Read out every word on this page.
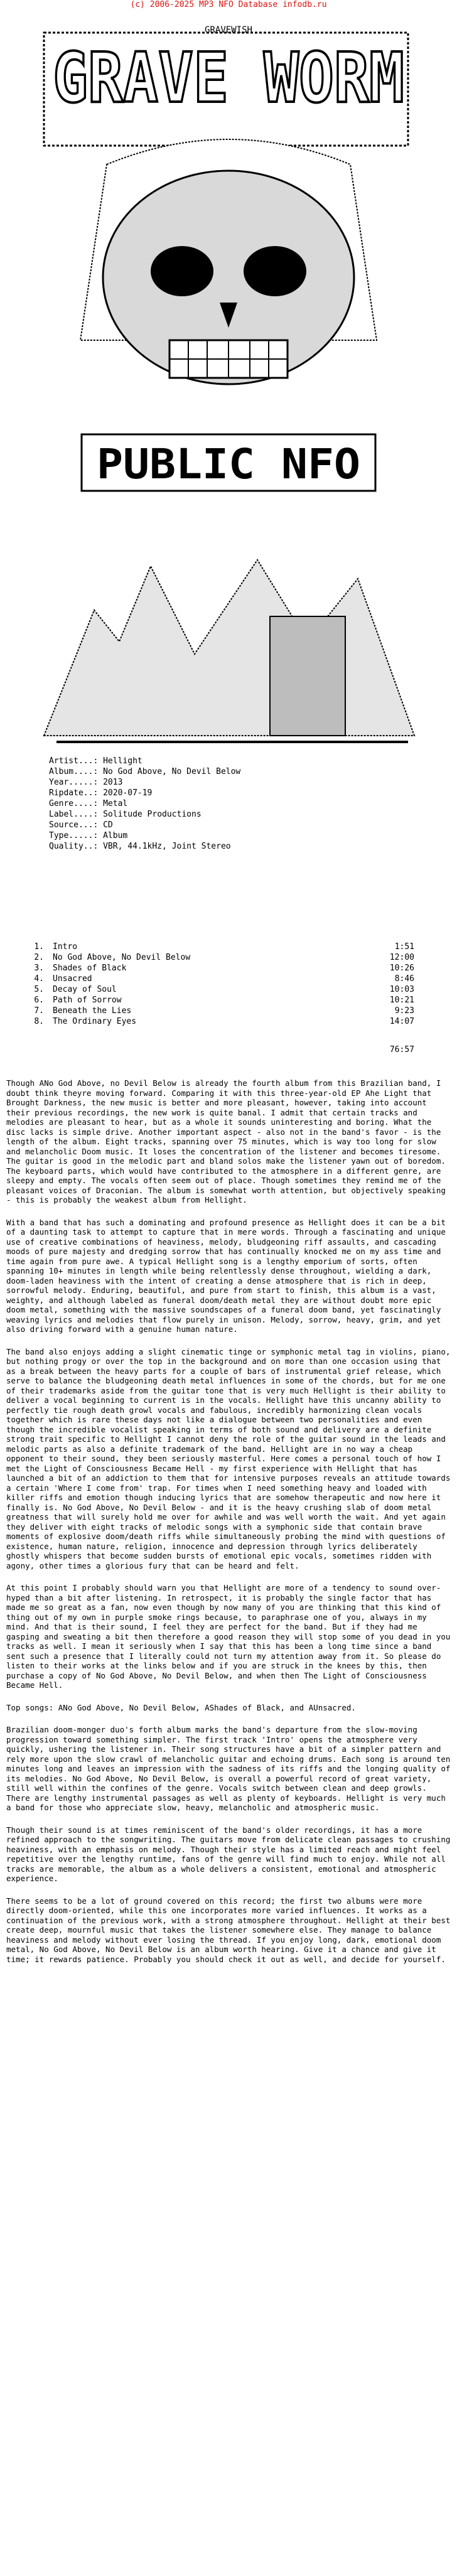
(c) 2006-2025 MP3 NFO Database infodb.ru
GRAVE WORM
GRAVEWISH
PUBLIC NFO
Artist...: Hellight
Album....: No God Above, No Devil Below
Year.....: 2013
Ripdate..: 2020-07-19
Genre....: Metal
Label....: Solitude Productions
Source...: CD
Type.....: Album
Quality..: VBR, 44.1kHz, Joint Stereo
1.	Intro	1:51
2.	No God Above, No Devil Below	12:00
3.	Shades of Black	10:26
4.	Unsacred	8:46
5.	Decay of Soul	10:03
6.	Path of Sorrow	10:21
7.	Beneath the Lies	9:23
8.	The Ordinary Eyes	14:07
76:57

Though ANo God Above, no Devil Below is already the fourth album from this Brazilian band, I doubt think theyre moving forward. Comparing it with this three-year-old EP Ahe Light that Brought Darkness, the new music is better and more pleasant, however, taking into account their previous recordings, the new work is quite banal. I admit that certain tracks and melodies are pleasant to hear, but as a whole it sounds uninteresting and boring. What the disc lacks is simple drive. Another important aspect - also not in the band's favor - is the length of the album. Eight tracks, spanning over 75 minutes, which is way too long for slow and melancholic Doom music. It loses the concentration of the listener and becomes tiresome. The guitar is good in the melodic part and bland solos make the listener yawn out of boredom. The keyboard parts, which would have contributed to the atmosphere in a different genre, are sleepy and empty. The vocals often seem out of place. Though sometimes they remind me of the pleasant voices of Draconian. The album is somewhat worth attention, but objectively speaking - this is probably the weakest album from Hellight.

With a band that has such a dominating and profound presence as Hellight does it can be a bit of a daunting task to attempt to capture that in mere words. Through a fascinating and unique use of creative combinations of heaviness, melody, bludgeoning riff assaults, and cascading moods of pure majesty and dredging sorrow that has continually knocked me on my ass time and time again from pure awe. A typical Hellight song is a lengthy emporium of sorts, often spanning 10+ minutes in length while being relentlessly dense throughout, wielding a dark, doom-laden heaviness with the intent of creating a dense atmosphere that is rich in deep, sorrowful melody. Enduring, beautiful, and pure from start to finish, this album is a vast, weighty, and although labeled as funeral doom/death metal they are without doubt more epic doom metal, something with the massive soundscapes of a funeral doom band, yet fascinatingly weaving lyrics and melodies that flow purely in unison. Melody, sorrow, heavy, grim, and yet also driving forward with a genuine human nature.

The band also enjoys adding a slight cinematic tinge or symphonic metal tag in violins, piano, but nothing progy or over the top in the background and on more than one occasion using that as a break between the heavy parts for a couple of bars of instrumental grief release, which serve to balance the bludgeoning death metal influences in some of the chords, but for me one of their trademarks aside from the guitar tone that is very much Hellight is their ability to deliver a vocal beginning to current is in the vocals. Hellight have this uncanny ability to perfectly tie rough death growl vocals and fabulous, incredibly harmonizing clean vocals together which is rare these days not like a dialogue between two personalities and even though the incredible vocalist speaking in terms of both sound and delivery are a definite strong trait specific to Hellight I cannot deny the role of the guitar sound in the leads and melodic parts as also a definite trademark of the band. Hellight are in no way a cheap opponent to their sound, they been seriously masterful. Here comes a personal touch of how I met the Light of Consciousness Became Hell - my first experience with Hellight that has launched a bit of an addiction to them that for intensive purposes reveals an attitude towards a certain 'Where I come from' trap. For times when I need something heavy and loaded with killer riffs and emotion though inducing lyrics that are somehow therapeutic and now here it finally is. No God Above, No Devil Below - and it is the heavy crushing slab of doom metal greatness that will surely hold me over for awhile and was well worth the wait. And yet again they deliver with eight tracks of melodic songs with a symphonic side that contain brave moments of explosive doom/death riffs while simultaneously probing the mind with questions of existence, human nature, religion, innocence and depression through lyrics deliberately ghostly whispers that become sudden bursts of emotional epic vocals, sometimes ridden with agony, other times a glorious fury that can be heard and felt.

At this point I probably should warn you that Hellight are more of a tendency to sound over-hyped than a bit after listening. In retrospect, it is probably the single factor that has made me so great as a fan, now even though by now many of you are thinking that this kind of thing out of my own in purple smoke rings because, to paraphrase one of you, always in my mind. And that is their sound, I feel they are perfect for the band. But if they had me gasping and sweating a bit then therefore a good reason they will stop some of you dead in you tracks as well. I mean it seriously when I say that this has been a long time since a band sent such a presence that I literally could not turn my attention away from it. So please do listen to their works at the links below and if you are struck in the knees by this, then purchase a copy of No God Above, No Devil Below, and when then The Light of Consciousness Became Hell.

Top songs: ANo God Above, No Devil Below, AShades of Black, and AUnsacred.

Brazilian doom-monger duo's forth album marks the band's departure from the slow-moving progression toward something simpler. The first track 'Intro' opens the atmosphere very quickly, ushering the listener in. Their song structures have a bit of a simpler pattern and rely more upon the slow crawl of melancholic guitar and echoing drums. Each song is around ten minutes long and leaves an impression with the sadness of its riffs and the longing quality of its melodies. No God Above, No Devil Below, is overall a powerful record of great variety, still well within the confines of the genre. Vocals switch between clean and deep growls. There are lengthy instrumental passages as well as plenty of keyboards. Hellight is very much a band for those who appreciate slow, heavy, melancholic and atmospheric music.

Though their sound is at times reminiscent of the band's older recordings, it has a more refined approach to the songwriting. The guitars move from delicate clean passages to crushing heaviness, with an emphasis on melody. Though their style has a limited reach and might feel repetitive over the lengthy runtime, fans of the genre will find much to enjoy. While not all tracks are memorable, the album as a whole delivers a consistent, emotional and atmospheric experience.

There seems to be a lot of ground covered on this record; the first two albums were more directly doom-oriented, while this one incorporates more varied influences. It works as a continuation of the previous work, with a strong atmosphere throughout. Hellight at their best create deep, mournful music that takes the listener somewhere else. They manage to balance heaviness and melody without ever losing the thread. If you enjoy long, dark, emotional doom metal, No God Above, No Devil Below is an album worth hearing. Give it a chance and give it time; it rewards patience. Probably you should check it out as well, and decide for yourself.
